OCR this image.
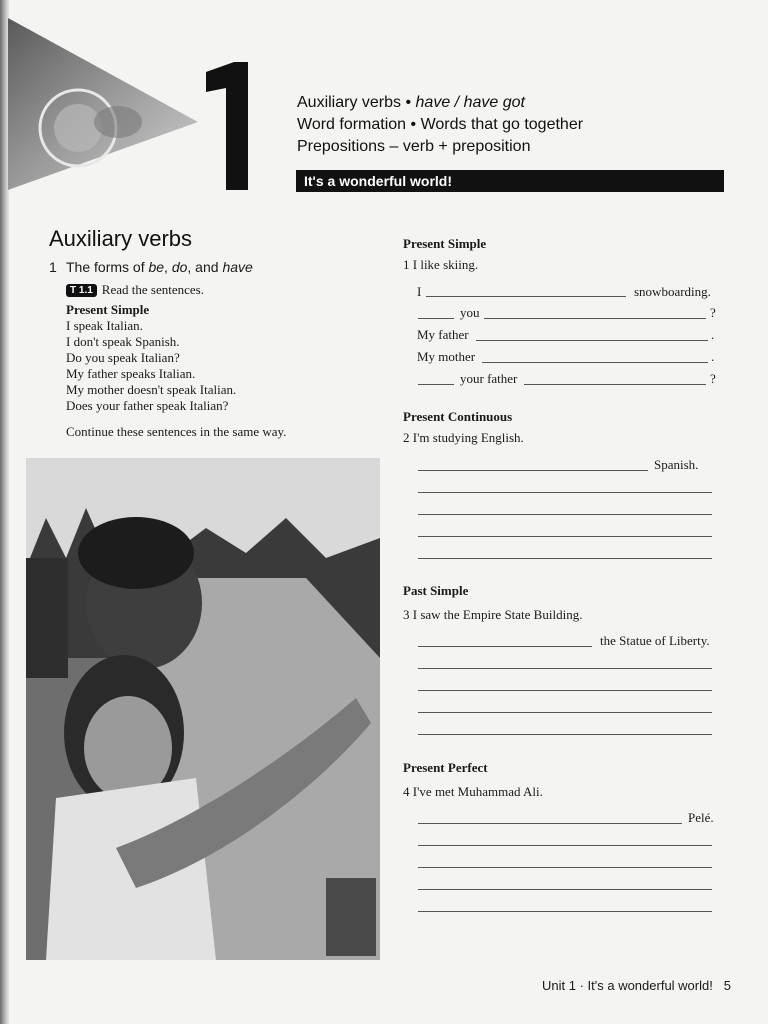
Auxiliary verbs • have / have got
Word formation • Words that go together
Prepositions – verb + preposition
It's a wonderful world!
Auxiliary verbs
1 The forms of be, do, and have
T 1.1 Read the sentences.
Present Simple
I speak Italian.
I don't speak Spanish.
Do you speak Italian?
My father speaks Italian.
My mother doesn't speak Italian.
Does your father speak Italian?
Continue these sentences in the same way.
Present Simple
1 I like skiing.
I	snowboarding.
you	?
My father	.
My mother	.
your father	?
Present Continuous
2 I'm studying English.
Spanish.
Past Simple
3 I saw the Empire State Building.
the Statue of Liberty.
Present Perfect
4 I've met Muhammad Ali.
Pelé.
Unit 1 · It's a wonderful world! 5
